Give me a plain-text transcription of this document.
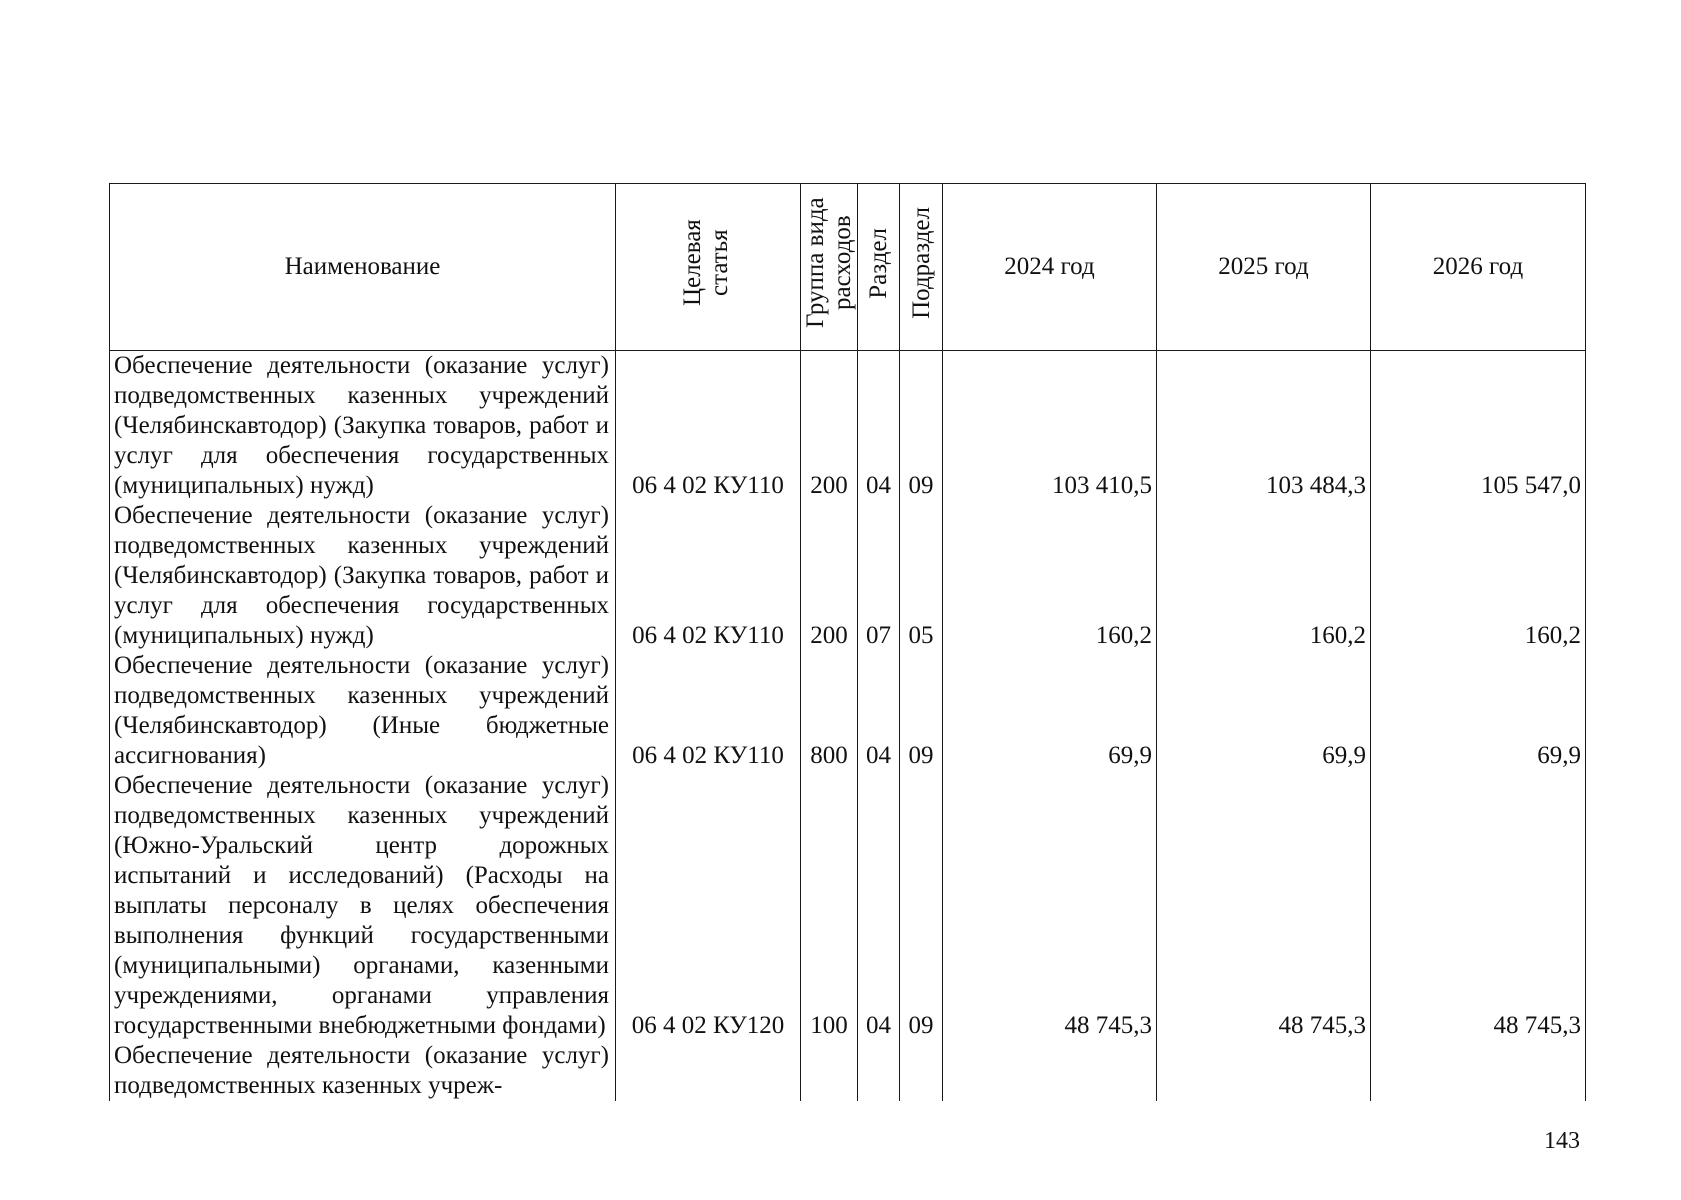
Наименование	Целевая статья	Группа вида расходов	Раздел	Подраздел	2024 год	2025 год	2026 год
Обеспечение деятельности (оказание услуг) подведомственных казенных учреждений (Челябинскавтодор) (Закупка товаров, работ и услуг для обеспечения государственных (муниципальных) нужд)	06 4 02 КУ110	200	04	09	103 410,5	103 484,3	105 547,0
Обеспечение деятельности (оказание услуг) подведомственных казенных учреждений (Челябинскавтодор) (Закупка товаров, работ и услуг для обеспечения государственных (муниципальных) нужд)	06 4 02 КУ110	200	07	05	160,2	160,2	160,2
Обеспечение деятельности (оказание услуг) подведомственных казенных учреждений (Челябинскавтодор) (Иные бюджетные ассигнования)	06 4 02 КУ110	800	04	09	69,9	69,9	69,9
Обеспечение деятельности (оказание услуг) подведомственных казенных учреждений (Южно-Уральский центр дорожных испытаний и исследований) (Расходы на выплаты персоналу в целях обеспечения выполнения функций государственными (муниципальными) органами, казенными учреждениями, органами управления государственными внебюджетными фондами)	06 4 02 КУ120	100	04	09	48 745,3	48 745,3	48 745,3
Обеспечение деятельности (оказание услуг) подведомственных казенных учреж-							
143
